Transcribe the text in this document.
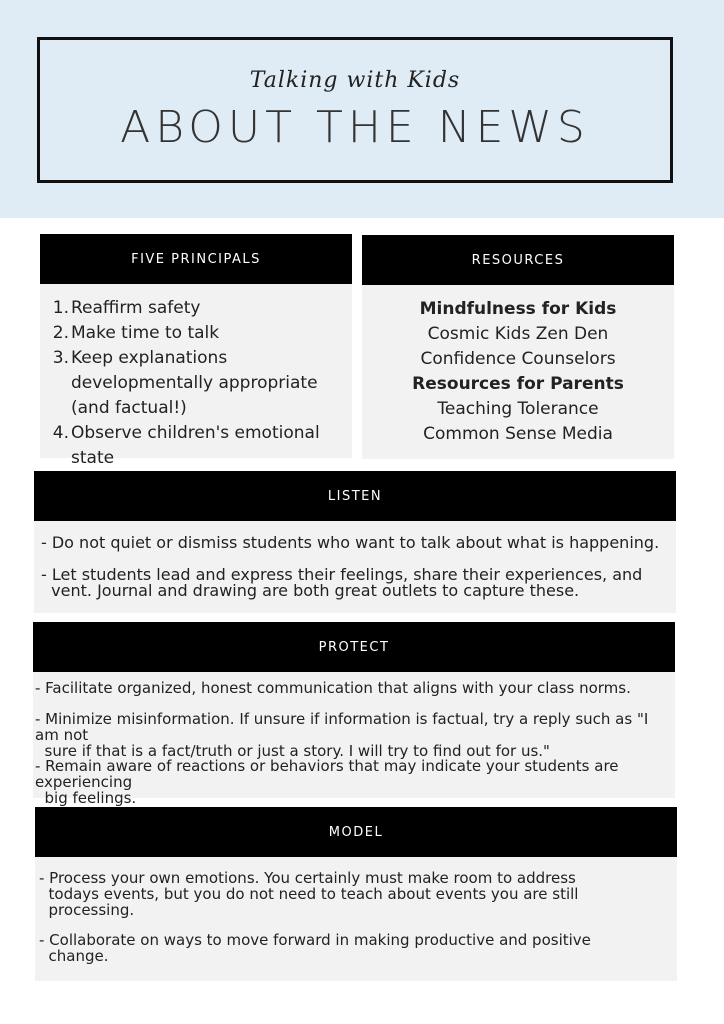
Talking with Kids
ABOUT THE NEWS
FIVE PRINCIPALS
1. Reaffirm safety
2. Make time to talk
3. Keep explanations developmentally appropriate (and factual!)
4. Observe children's emotional state
RESOURCES
Mindfulness for Kids
Cosmic Kids Zen Den
Confidence Counselors
Resources for Parents
Teaching Tolerance
Common Sense Media
LISTEN
- Do not quiet or dismiss students who want to talk about what is happening.
- Let students lead and express their feelings, share their experiences, and
vent. Journal and drawing are both great outlets to capture these.
PROTECT
- Facilitate organized, honest communication that aligns with your class norms.
- Minimize misinformation. If unsure if information is factual, try a reply such as "I am not
sure if that is a fact/truth or just a story. I will try to find out for us."
- Remain aware of reactions or behaviors that may indicate your students are
experiencing
big feelings.
MODEL
- Process your own emotions. You certainly must make room to address
todays events, but you do not need to teach about events you are still
processing.
- Collaborate on ways to move forward in making productive and positive
change.
